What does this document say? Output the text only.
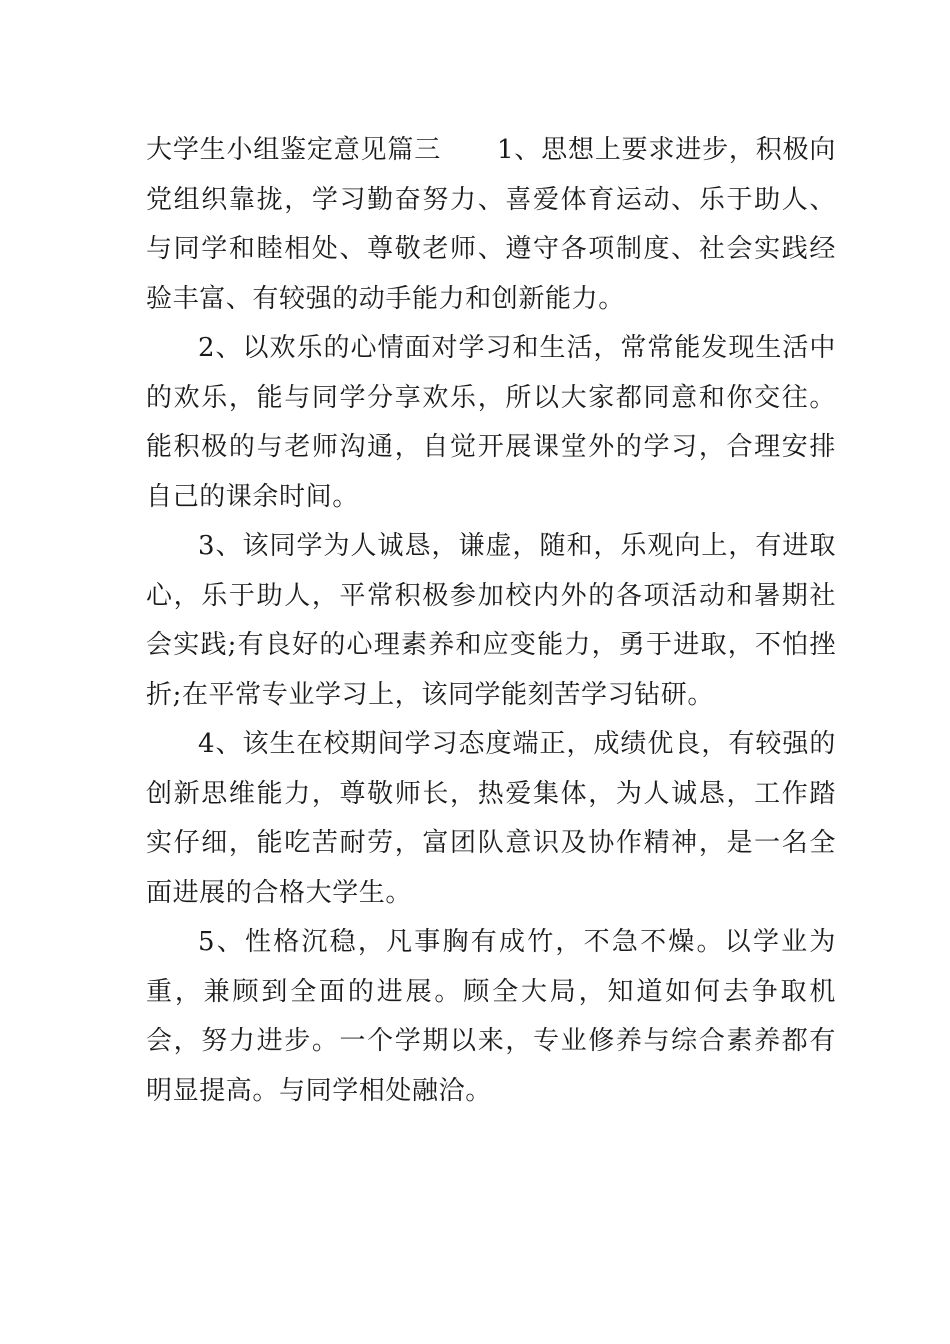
大学生小组鉴定意见篇三 1、思想上要求进步，积极向党组织靠拢，学习勤奋努力、喜爱体育运动、乐于助人、与同学和睦相处、尊敬老师、遵守各项制度、社会实践经验丰富、有较强的动手能力和创新能力。

2、以欢乐的心情面对学习和生活，常常能发现生活中的欢乐，能与同学分享欢乐，所以大家都同意和你交往。能积极的与老师沟通，自觉开展课堂外的学习，合理安排自己的课余时间。

3、该同学为人诚恳，谦虚，随和，乐观向上，有进取心，乐于助人，平常积极参加校内外的各项活动和暑期社会实践;有良好的心理素养和应变能力，勇于进取，不怕挫折;在平常专业学习上，该同学能刻苦学习钻研。

4、该生在校期间学习态度端正，成绩优良，有较强的创新思维能力，尊敬师长，热爱集体，为人诚恳，工作踏实仔细，能吃苦耐劳，富团队意识及协作精神，是一名全面进展的合格大学生。

5、性格沉稳，凡事胸有成竹，不急不燥。以学业为重，兼顾到全面的进展。顾全大局，知道如何去争取机会，努力进步。一个学期以来，专业修养与综合素养都有明显提高。与同学相处融洽。
